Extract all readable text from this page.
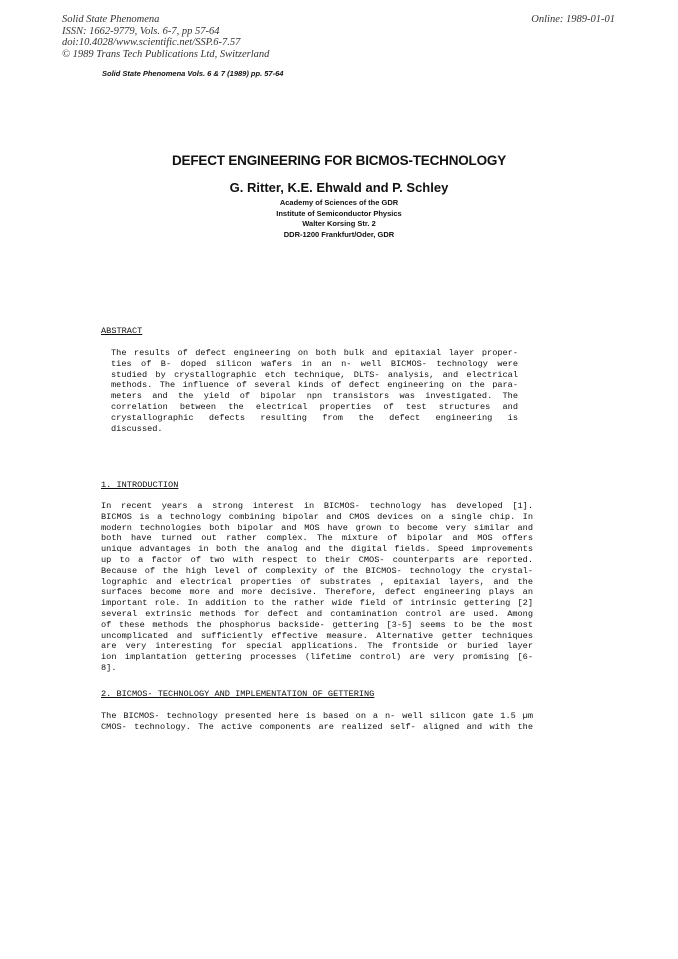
Solid State Phenomena
ISSN: 1662-9779, Vols. 6-7, pp 57-64
doi:10.4028/www.scientific.net/SSP.6-7.57
© 1989 Trans Tech Publications Ltd, Switzerland
Online: 1989-01-01
Solid State Phenomena Vols. 6 & 7 (1989) pp. 57-64
DEFECT ENGINEERING FOR BICMOS-TECHNOLOGY
G. Ritter, K.E. Ehwald and P. Schley
Academy of Sciences of the GDR
Institute of Semiconductor Physics
Walter Korsing Str. 2
DDR-1200 Frankfurt/Oder, GDR
ABSTRACT
The results of defect engineering on both bulk and epitaxial layer proper-
ties of B- doped silicon wafers in an n- well BICMOS- technology were
studied by crystallographic etch technique, DLTS- analysis, and electrical
methods. The influence of several kinds of defect engineering on the para-
meters and the yield of bipolar npn transistors was investigated. The
correlation between the electrical properties of test structures and
crystallographic defects resulting from the defect engineering is
discussed.
1. INTRODUCTION
In recent years a strong interest in BICMOS- technology has developed [1].
BICMOS is a technology combining bipolar and CMOS devices on a single chip. In
modern technologies both bipolar and MOS have grown to become very similar and
both have turned out rather complex. The mixture of bipolar and MOS offers
unique advantages in both the analog and the digital fields. Speed improvements
up to a factor of two with respect to their CMOS- counterparts are reported.
Because of the high level of complexity of the BICMOS- technology the crystal-
lographic and electrical properties of substrates , epitaxial layers, and the
surfaces become more and more decisive. Therefore, defect engineering plays an
important role. In addition to the rather wide field of intrinsic gettering [2]
several extrinsic methods for defect and contamination control are used. Among
of these methods the phosphorus backside- gettering [3-5] seems to be the most
uncomplicated and sufficiently effective measure. Alternative getter techniques
are very interesting for special applications. The frontside or buried layer
ion implantation gettering processes (lifetime control) are very promising [6-
8].
2. BICMOS- TECHNOLOGY AND IMPLEMENTATION OF GETTERING
The BICMOS- technology presented here is based on a n- well silicon gate 1.5 µm
CMOS- technology. The active components are realized self- aligned and with the
